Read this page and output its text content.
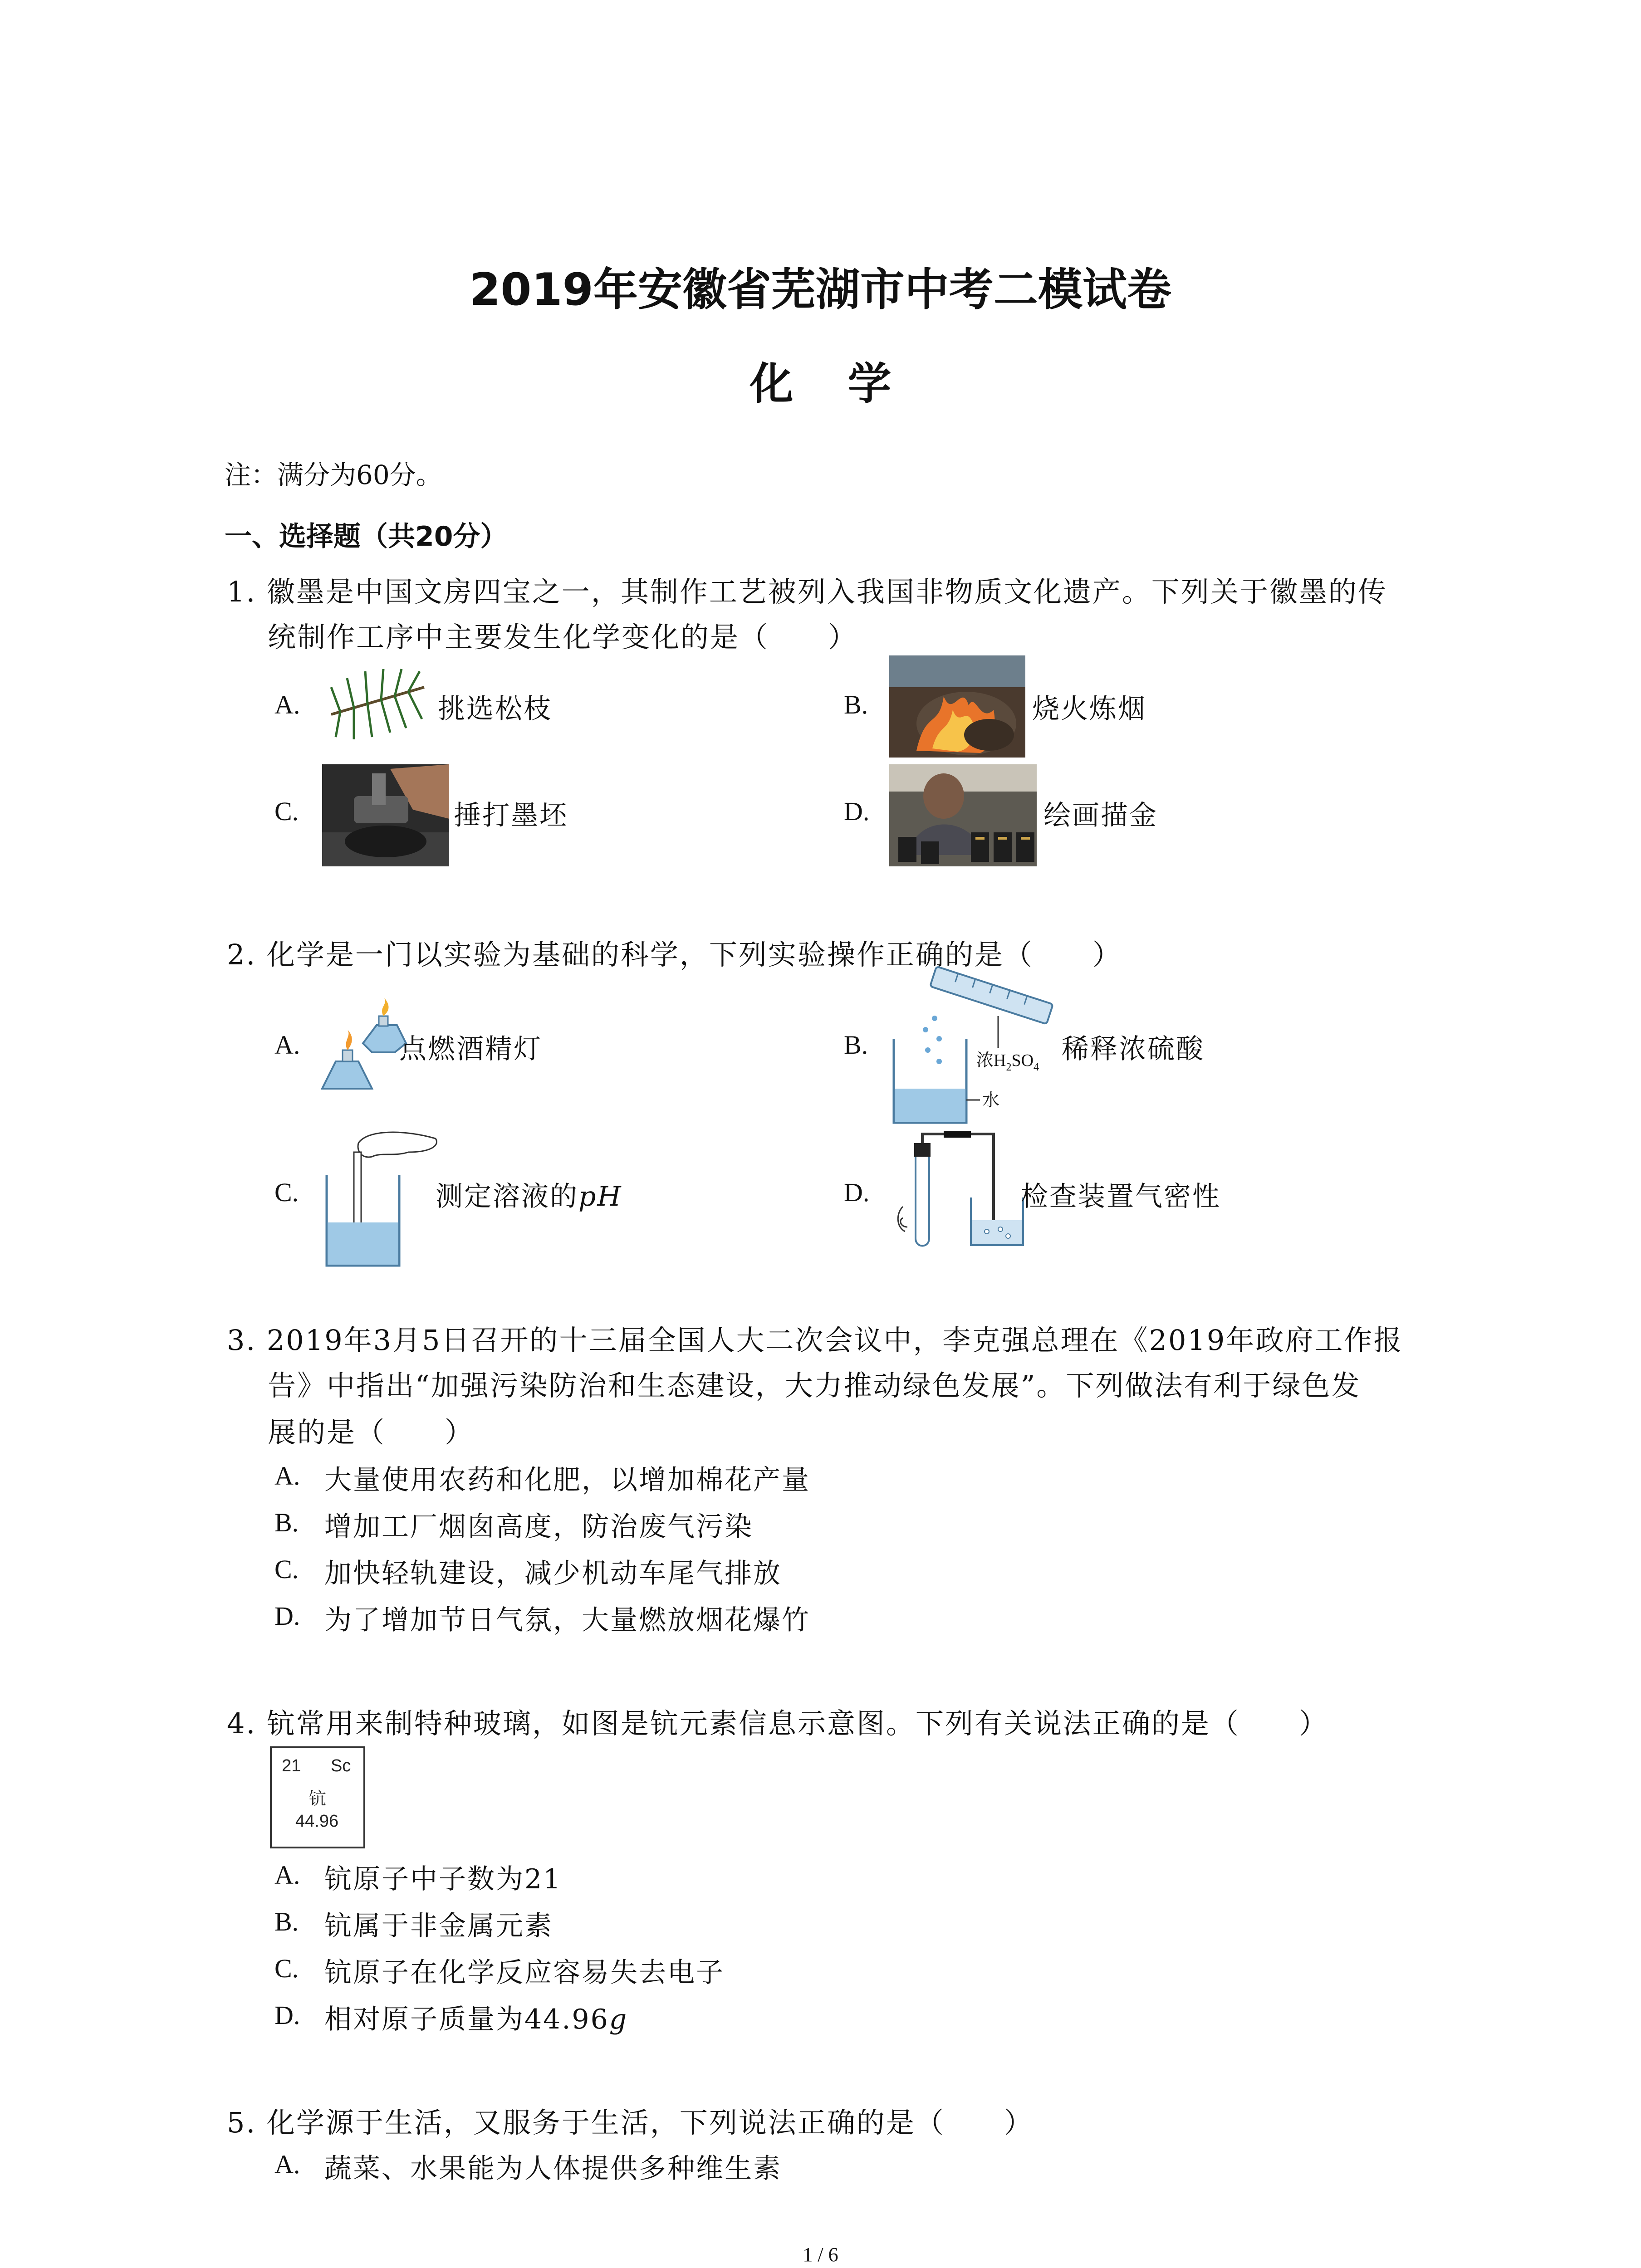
2019年安徽省芜湖市中考二模试卷
化学
注：满分为60分。
一、选择题（共20分）
1. 徽墨是中国文房四宝之一，其制作工艺被列入我国非物质文化遗产。下列关于徽墨的传
统制作工序中主要发生化学变化的是（　　）
A.	挑选松枝	B.	烧火炼烟
C.	捶打墨坯	D.	绘画描金
2. 化学是一门以实验为基础的科学，下列实验操作正确的是（　　）
A.	点燃酒精灯	B.
浓$H_2SO_4$
水
稀释浓硫酸
C.	测定溶液的pH	D.	检查装置气密性
3. 2019年3月5日召开的十三届全国人大二次会议中，李克强总理在《2019年政府工作报
告》中指出“加强污染防治和生态建设，大力推动绿色发展”。下列做法有利于绿色发
展的是（　　）
A. 大量使用农药和化肥，以增加棉花产量
B. 增加工厂烟囱高度，防治废气污染
C. 加快轻轨建设，减少机动车尾气排放
D. 为了增加节日气氛，大量燃放烟花爆竹
4. 钪常用来制特种玻璃，如图是钪元素信息示意图。下列有关说法正确的是（　　）
21 Sc
钪
44.96
A. 钪原子中子数为21
B. 钪属于非金属元素
C. 钪原子在化学反应容易失去电子
D. 相对原子质量为44.96g
5. 化学源于生活，又服务于生活，下列说法正确的是（　　）
A. 蔬菜、水果能为人体提供多种维生素
1 / 6
